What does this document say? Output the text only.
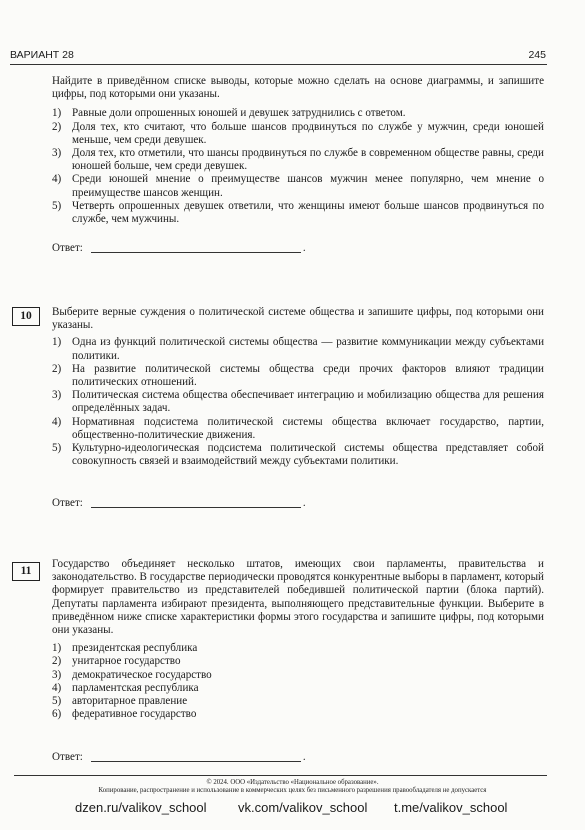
ВАРИАНТ 28	245

Найдите в приведённом списке выводы, которые можно сделать на основе диаграммы, и запишите цифры, под которыми они указаны.

1) Равные доли опрошенных юношей и девушек затруднились с ответом.
2) Доля тех, кто считают, что больше шансов продвинуться по службе у мужчин, среди юношей меньше, чем среди девушек.
3) Доля тех, кто отметили, что шансы продвинуться по службе в современном обществе равны, среди юношей больше, чем среди девушек.
4) Среди юношей мнение о преимуществе шансов мужчин менее популярно, чем мнение о преимуществе шансов женщин.
5) Четверть опрошенных девушек ответили, что женщины имеют больше шансов продвинуться по службе, чем мужчины.
Ответ:	.
10	Выберите верные суждения о политической системе общества и запишите цифры, под которыми они указаны.

1) Одна из функций политической системы общества — развитие коммуникации между субъектами политики.
2) На развитие политической системы общества среди прочих факторов влияют традиции политических отношений.
3) Политическая система общества обеспечивает интеграцию и мобилизацию общества для решения определённых задач.
4) Нормативная подсистема политической системы общества включает государство, партии, общественно-политические движения.
5) Культурно-идеологическая подсистема политической системы общества представляет собой совокупность связей и взаимодействий между субъектами политики.
Ответ:	.
11

Государство объединяет несколько штатов, имеющих свои парламенты, правительства и законодательство. В государстве периодически проводятся конкурентные выборы в парламент, который формирует правительство из представителей победившей политической партии (блока партий). Депутаты парламента избирают президента, выполняющего представительные функции. Выберите в приведённом ниже списке характеристики формы этого государства и запишите цифры, под которыми они указаны.

1) президентская республика
2) унитарное государство
3) демократическое государство
4) парламентская республика
5) авторитарное правление
6) федеративное государство
Ответ:	.
© 2024. ООО «Издательство «Национальное образование».
Копирование, распространение и использование в коммерческих целях без письменного разрешения правообладателя не допускается
dzen.ru/valikov_school vk.com/valikov_school t.me/valikov_school
